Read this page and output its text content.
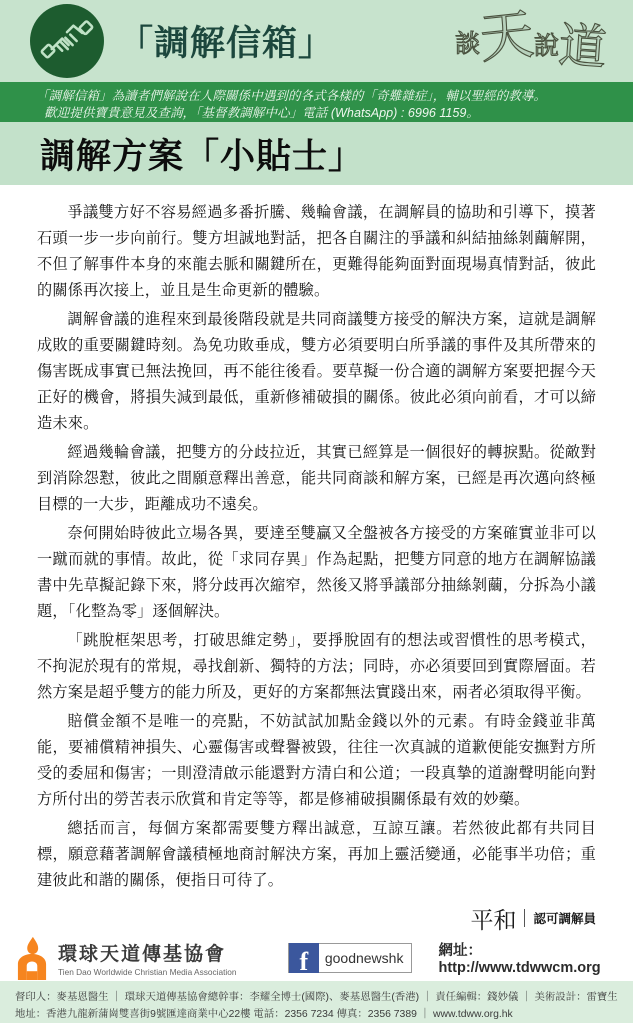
「調解信箱」	談
天
說
道
「調解信箱」為讀者們解說在人際關係中遇到的各式各樣的「奇難雜症」，輔以聖經的教導。
歡迎提供寶貴意見及查詢，「基督教調解中心」電話 (WhatsApp) : 6996 1159。
調解方案「小貼士」

爭議雙方好不容易經過多番折騰、幾輪會議，在調解員的協助和引導下，摸著石頭一步一步向前行。雙方坦誠地對話，把各自關注的爭議和糾結抽絲剝繭解開，不但了解事件本身的來龍去脈和關鍵所在，更難得能夠面對面現場真情對話，彼此的關係再次接上，並且是生命更新的體驗。

調解會議的進程來到最後階段就是共同商議雙方接受的解決方案，這就是調解成敗的重要關鍵時刻。為免功敗垂成，雙方必須要明白所爭議的事件及其所帶來的傷害既成事實已無法挽回，再不能往後看。要草擬一份合適的調解方案要把握今天正好的機會，將損失減到最低，重新修補破損的關係。彼此必須向前看，才可以締造未來。

經過幾輪會議，把雙方的分歧拉近，其實已經算是一個很好的轉捩點。從敵對到消除怨懟，彼此之間願意釋出善意，能共同商談和解方案，已經是再次邁向終極目標的一大步，距離成功不遠矣。

奈何開始時彼此立場各異，要達至雙贏又全盤被各方接受的方案確實並非可以一蹴而就的事情。故此，從「求同存異」作為起點，把雙方同意的地方在調解協議書中先草擬記錄下來，將分歧再次縮窄，然後又將爭議部分抽絲剝繭，分拆為小議題，「化整為零」逐個解決。

「跳脫框架思考，打破思維定勢」，要掙脫固有的想法或習慣性的思考模式，不拘泥於現有的常規，尋找創新、獨特的方法；同時，亦必須要回到實際層面。若然方案是超乎雙方的能力所及，更好的方案都無法實踐出來，兩者必須取得平衡。

賠償金額不是唯一的亮點，不妨試試加點金錢以外的元素。有時金錢並非萬能，要補償精神損失、心靈傷害或聲譽被毀，往往一次真誠的道歉便能安撫對方所受的委屈和傷害；一則澄清啟示能還對方清白和公道；一段真摯的道謝聲明能向對方所付出的勞苦表示欣賞和肯定等等，都是修補破損關係最有效的妙藥。

總括而言，每個方案都需要雙方釋出誠意，互諒互讓。若然彼此都有共同目標，願意藉著調解會議積極地商討解決方案，再加上靈活變通，必能事半功倍；重建彼此和諧的關係，便指日可待了。

平和 認可調解員
環球天道傳基協會
Tien Dao Worldwide Christian Media Association	f	goodnewshk 網址：http://www.tdwwcm.org
督印人：麥基恩醫生 ｜ 環球天道傳基協會總幹事：李耀全博士(國際)、麥基恩醫生(香港) ｜ 責任編輯：錢妙儀 ｜ 美術設計：雷寶生
地址：香港九龍新蒲崗雙喜街9號匯達商業中心22樓 電話：2356 7234 傳真：2356 7389 ｜ www.tdww.org.hk
